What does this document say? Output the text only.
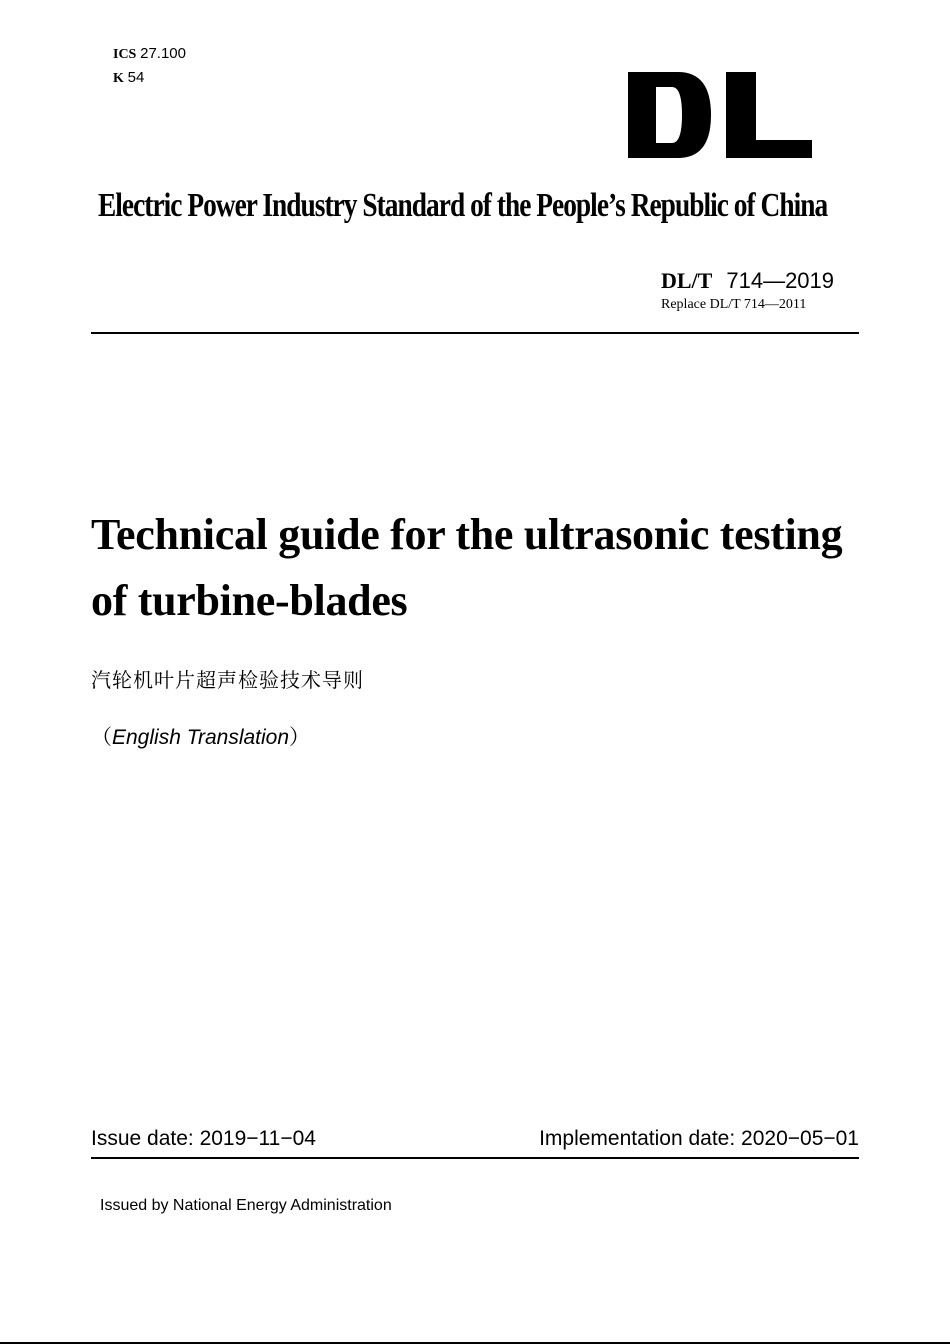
ICS 27.100
K 54
Electric Power Industry Standard of the People’s Republic of China
DL/T 714—2019
Replace DL/T 714—2011
Technical guide for the ultrasonic testing
of turbine-blades
汽轮机叶片超声检验技术导则
（English Translation）
Issue date: 2019−11−04	Implementation date: 2020−05−01
Issued by National Energy Administration
